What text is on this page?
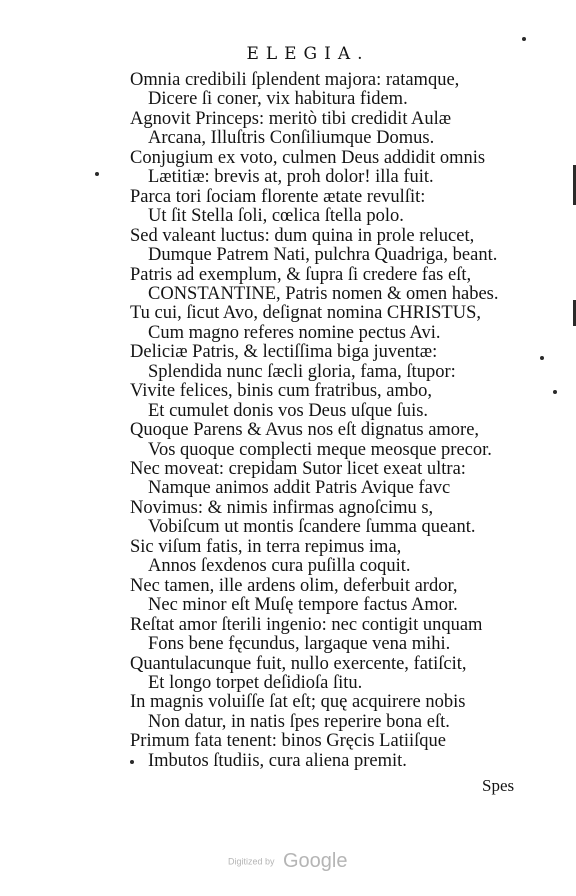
ELEGIA.
Omnia credibili ſplendent majora: ratamque,
Dicere ſi coner, vix habitura fidem.
Agnovit Princeps: meritò tibi credidit Aulæ
Arcana, Illuſtris Conſiliumque Domus.
Conjugium ex voto, culmen Deus addidit omnis
Lætitiæ: brevis at, proh dolor! illa fuit.
Parca tori ſociam florente ætate revulſit:
Ut ſit Stella ſoli, cœlica ſtella polo.
Sed valeant luctus: dum quina in prole relucet,
Dumque Patrem Nati, pulchra Quadriga, beant.
Patris ad exemplum, & ſupra ſi credere fas eſt,
CONSTANTINE, Patris nomen & omen habes.
Tu cui, ſicut Avo, deſignat nomina CHRISTUS,
Cum magno referes nomine pectus Avi.
Deliciæ Patris, & lectiſſima biga juventæ:
Splendida nunc ſæcli gloria, fama, ſtupor:
Vivite felices, binis cum fratribus, ambo,
Et cumulet donis vos Deus uſque ſuis.
Quoque Parens & Avus nos eſt dignatus amore,
Vos quoque complecti meque meosque precor.
Nec moveat: crepidam Sutor licet exeat ultra:
Namque animos addit Patris Avique favc
Novimus: & nimis infirmas agnoſcimu s,
Vobiſcum ut montis ſcandere ſumma queant.
Sic viſum fatis, in terra repimus ima,
Annos ſexdenos cura puſilla coquit.
Nec tamen, ille ardens olim, deferbuit ardor,
Nec minor eſt Muſę tempore factus Amor.
Reſtat amor ſterili ingenio: nec contigit unquam
Fons bene fęcundus, largaque vena mihi.
Quantulacunque fuit, nullo exercente, fatiſcit,
Et longo torpet deſidioſa ſitu.
In magnis voluiſſe ſat eſt; quę acquirere nobis
Non datur, in natis ſpes reperire bona eſt.
Primum fata tenent: binos Gręcis Latiiſque
Imbutos ſtudiis, cura aliena premit.
Spes
Digitized by Google
